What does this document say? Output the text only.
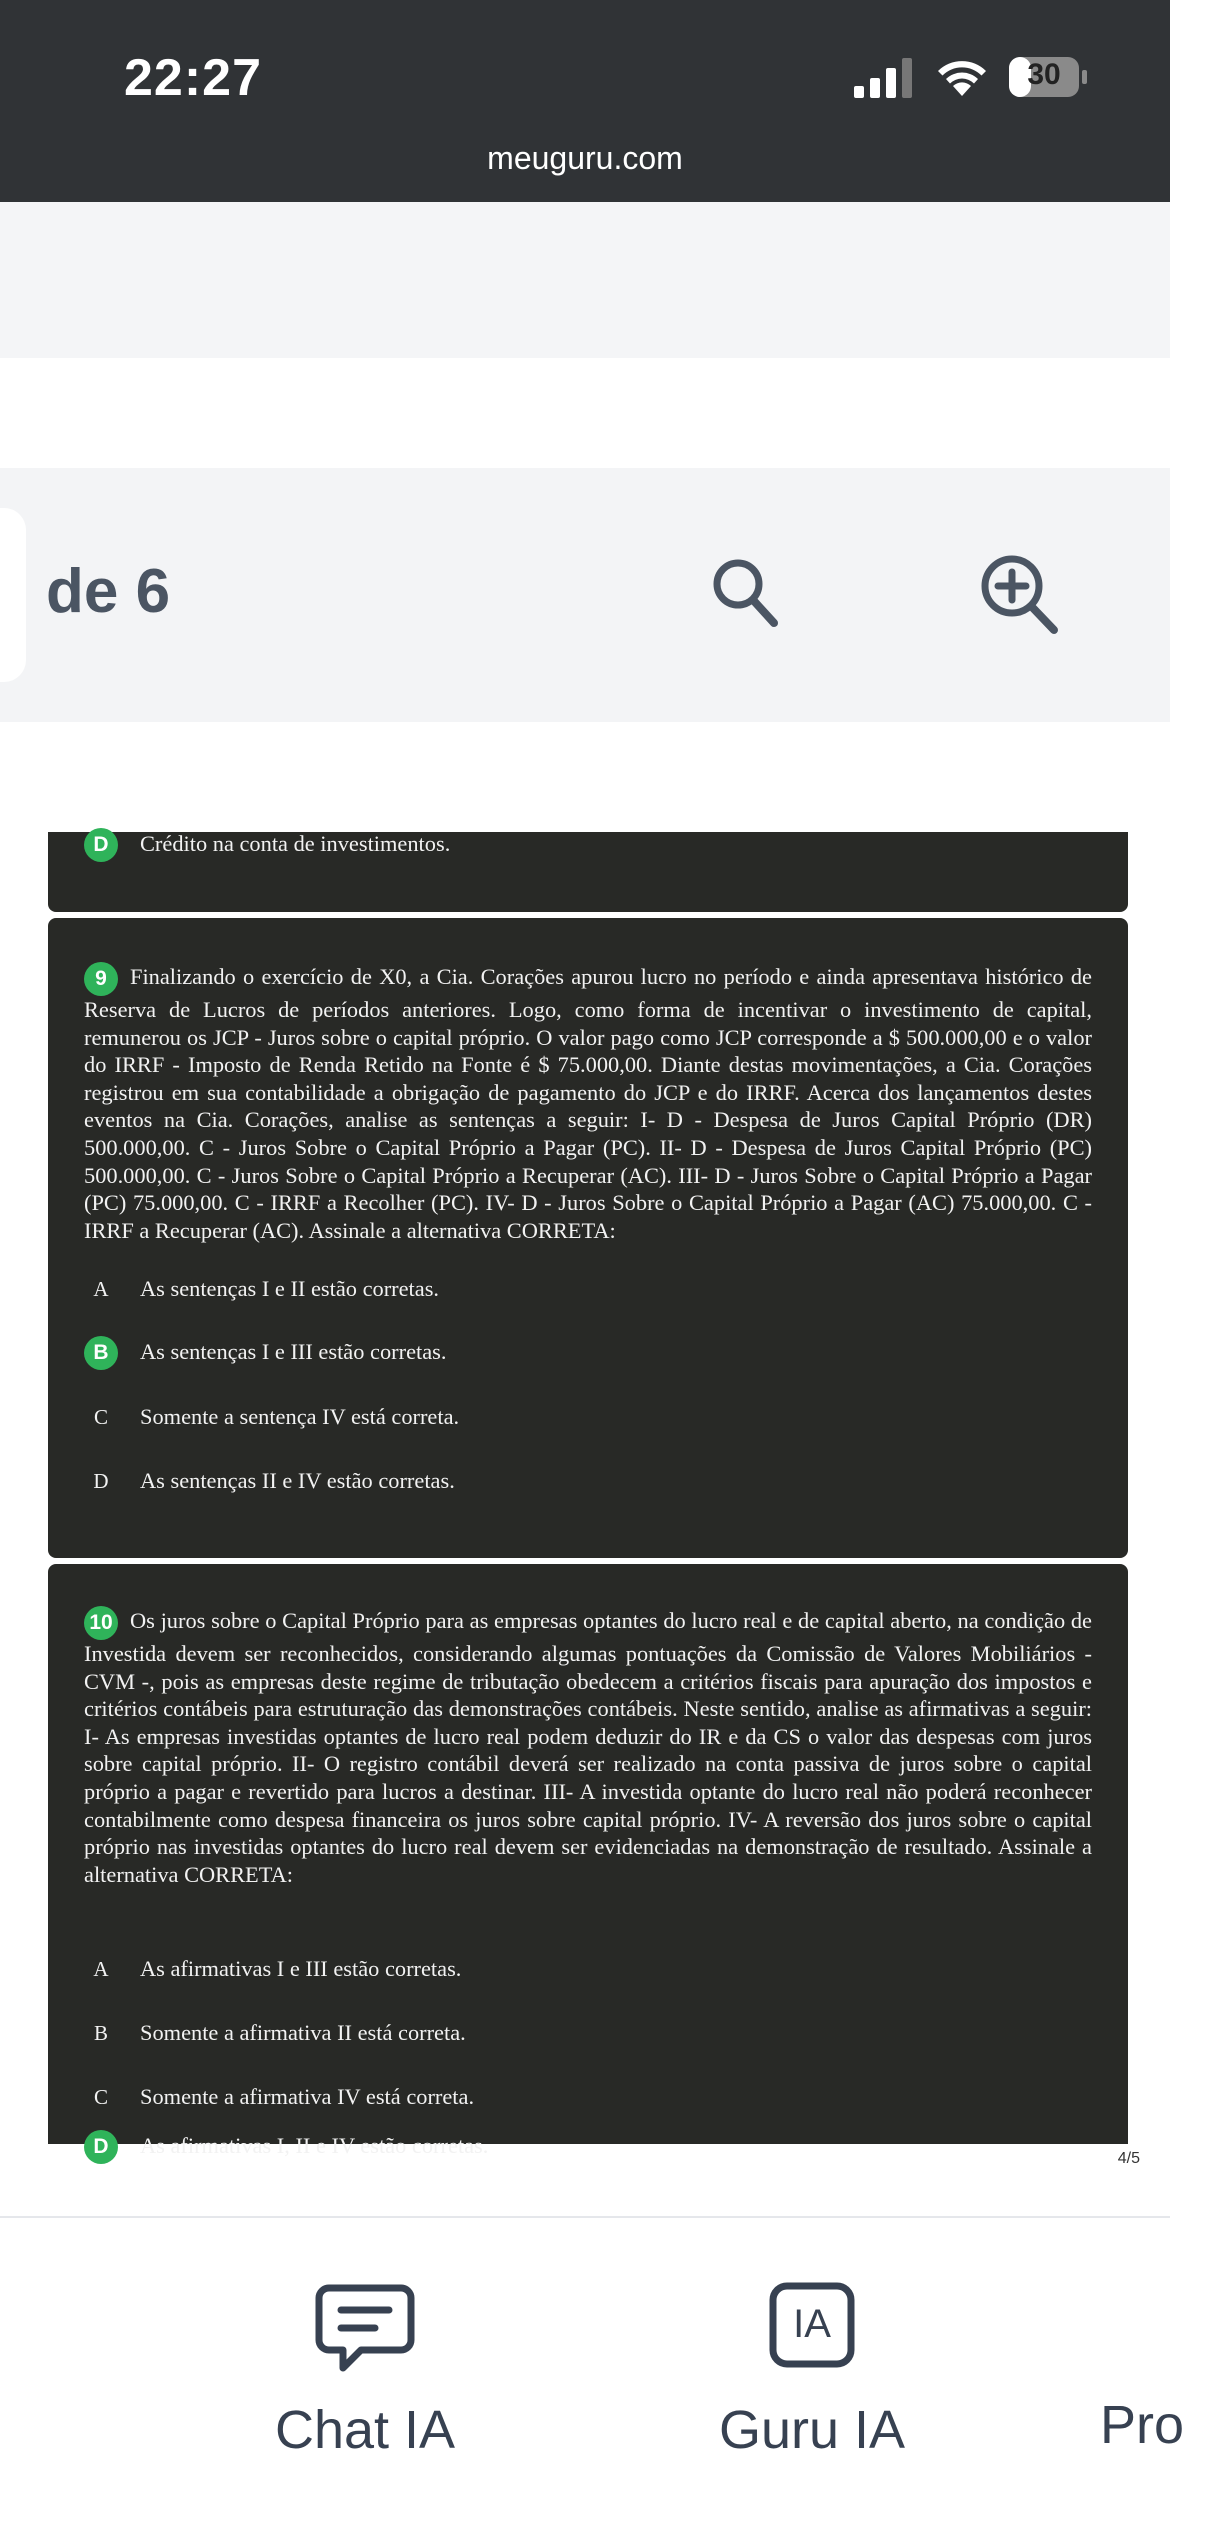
22:27	30
meuguru.com
de 6
D Crédito na conta de investimentos.
9 Finalizando o exercício de X0, a Cia. Corações apurou lucro no período e ainda apresentava histórico de Reserva de Lucros de períodos anteriores. Logo, como forma de incentivar o investimento de capital, remunerou os JCP - Juros sobre o capital próprio. O valor pago como JCP corresponde a $ 500.000,00 e o valor do IRRF - Imposto de Renda Retido na Fonte é $ 75.000,00. Diante destas movimentações, a Cia. Corações registrou em sua contabilidade a obrigação de pagamento do JCP e do IRRF. Acerca dos lançamentos destes eventos na Cia. Corações, analise as sentenças a seguir: I- D - Despesa de Juros Capital Próprio (DR) 500.000,00. C - Juros Sobre o Capital Próprio a Pagar (PC). II- D - Despesa de Juros Capital Próprio (PC) 500.000,00. C - Juros Sobre o Capital Próprio a Recuperar (AC). III- D - Juros Sobre o Capital Próprio a Pagar (PC) 75.000,00. C - IRRF a Recolher (PC). IV- D - Juros Sobre o Capital Próprio a Pagar (AC) 75.000,00. C - IRRF a Recuperar (AC). Assinale a alternativa CORRETA:
A As sentenças I e II estão corretas.
B As sentenças I e III estão corretas.
C Somente a sentença IV está correta.
D As sentenças II e IV estão corretas.
10 Os juros sobre o Capital Próprio para as empresas optantes do lucro real e de capital aberto, na condição de Investida devem ser reconhecidos, considerando algumas pontuações da Comissão de Valores Mobiliários - CVM -, pois as empresas deste regime de tributação obedecem a critérios fiscais para apuração dos impostos e critérios contábeis para estruturação das demonstrações contábeis. Neste sentido, analise as afirmativas a seguir: I- As empresas investidas optantes de lucro real podem deduzir do IR e da CS o valor das despesas com juros sobre capital próprio. II- O registro contábil deverá ser realizado na conta passiva de juros sobre o capital próprio a pagar e revertido para lucros a destinar. III- A investida optante do lucro real não poderá reconhecer contabilmente como despesa financeira os juros sobre capital próprio. IV- A reversão dos juros sobre o capital próprio nas investidas optantes do lucro real devem ser evidenciadas na demonstração de resultado. Assinale a alternativa CORRETA:
A As afirmativas I e III estão corretas.
B Somente a afirmativa II está correta.
C Somente a afirmativa IV está correta.
D As afirmativas I, II e IV estão corretas.
4/5
Chat IA
IA
Guru IA	Pro
